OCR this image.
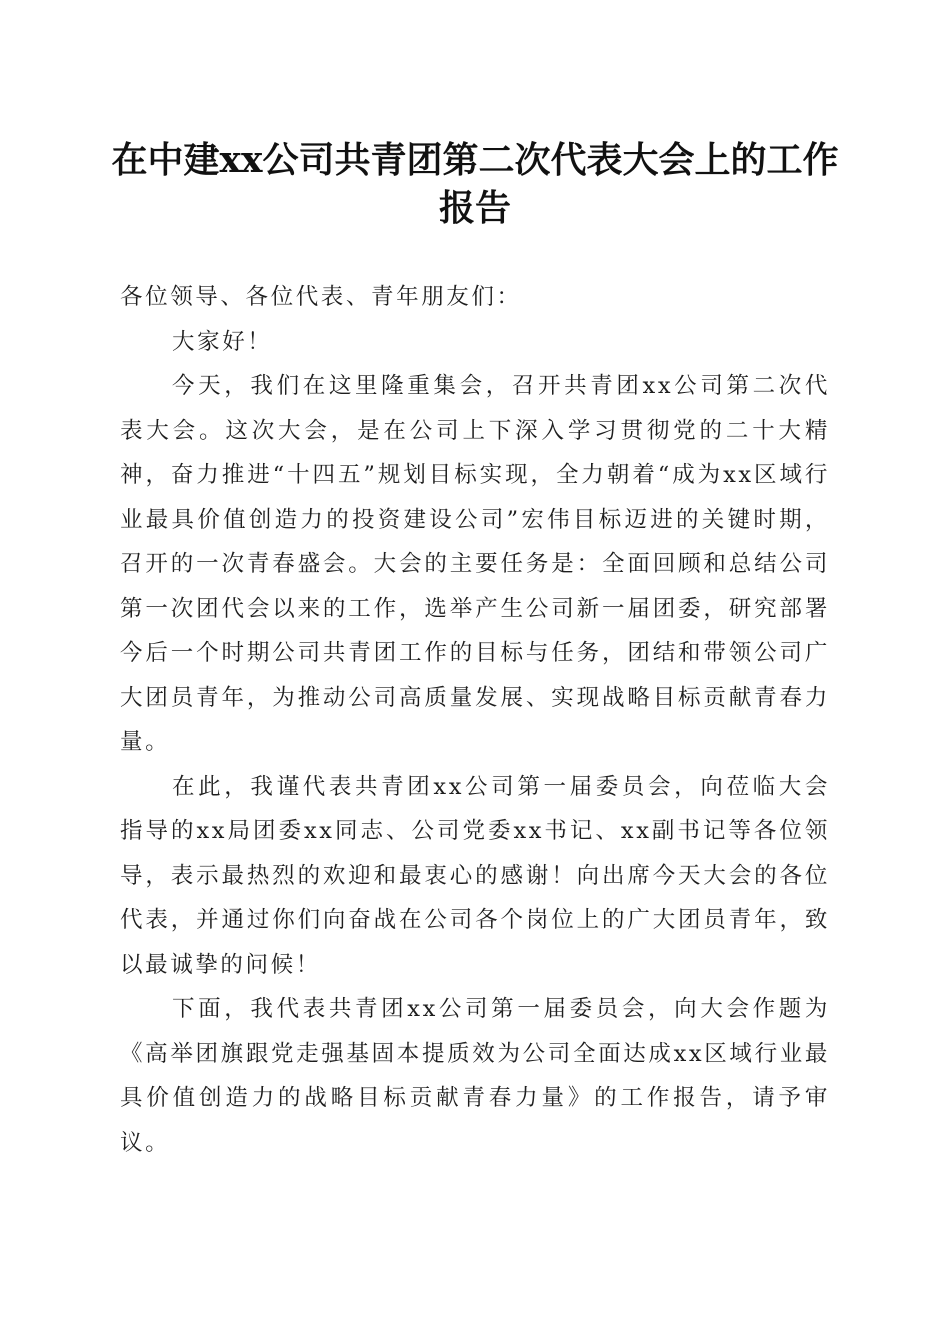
在中建xx公司共青团第二次代表大会上的工作报告

各位领导、各位代表、青年朋友们：

大家好！

今天，我们在这里隆重集会，召开共青团xx公司第二次代表大会。这次大会，是在公司上下深入学习贯彻党的二十大精神，奋力推进“十四五”规划目标实现，全力朝着“成为xx区域行业最具价值创造力的投资建设公司”宏伟目标迈进的关键时期，召开的一次青春盛会。大会的主要任务是：全面回顾和总结公司第一次团代会以来的工作，选举产生公司新一届团委，研究部署今后一个时期公司共青团工作的目标与任务，团结和带领公司广大团员青年，为推动公司高质量发展、实现战略目标贡献青春力量。

在此，我谨代表共青团xx公司第一届委员会，向莅临大会指导的xx局团委xx同志、公司党委xx书记、xx副书记等各位领导，表示最热烈的欢迎和最衷心的感谢！向出席今天大会的各位代表，并通过你们向奋战在公司各个岗位上的广大团员青年，致以最诚挚的问候！

下面，我代表共青团xx公司第一届委员会，向大会作题为《高举团旗跟党走强基固本提质效为公司全面达成xx区域行业最具价值创造力的战略目标贡献青春力量》的工作报告，请予审议。
